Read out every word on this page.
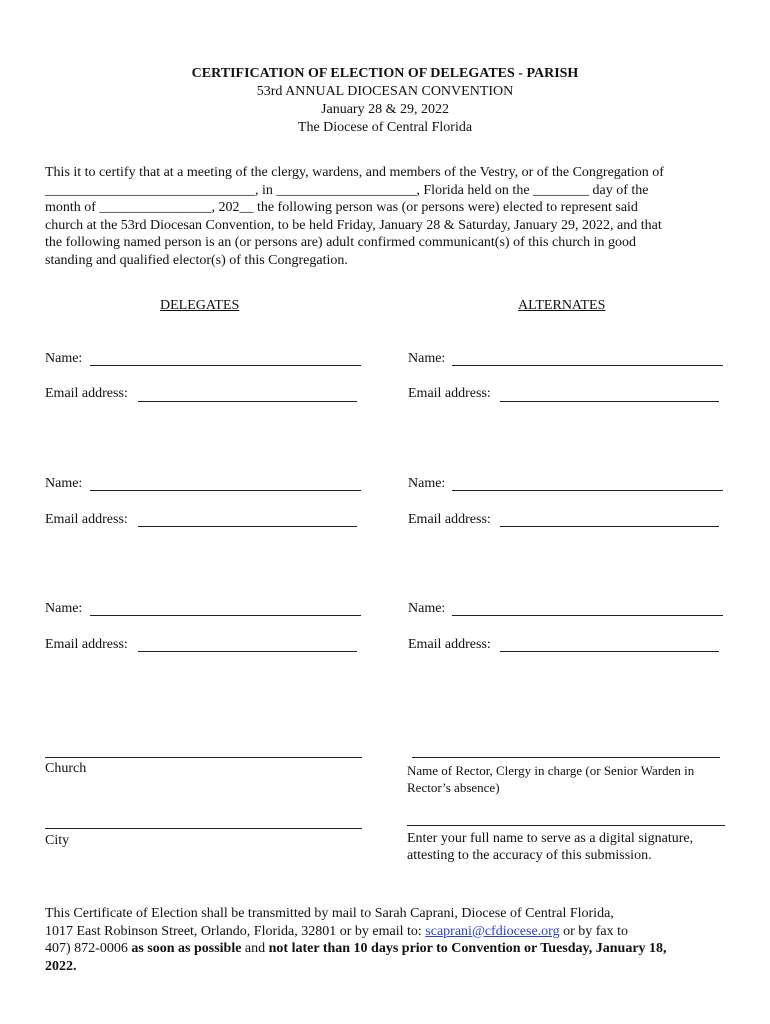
CERTIFICATION OF ELECTION OF DELEGATES - PARISH
53rd ANNUAL DIOCESAN CONVENTION
January 28 & 29, 2022
The Diocese of Central Florida
This it to certify that at a meeting of the clergy, wardens, and members of the Vestry, or of the Congregation of
______________________________, in ____________________, Florida held on the ________ day of the
month of ________________, 202__ the following person was (or persons were) elected to represent said
church at the 53rd Diocesan Convention, to be held Friday, January 28 & Saturday, January 29, 2022, and that
the following named person is an (or persons are) adult confirmed communicant(s) of this church in good
standing and qualified elector(s) of this Congregation.
DELEGATES	ALTERNATES
Name:	Name:
Email address:	Email address:
Name:	Name:
Email address:	Email address:
Name:	Name:
Email address:	Email address:
Church	Name of Rector, Clergy in charge (or Senior Warden in Rector’s absence)
City	Enter your full name to serve as a digital signature, attesting to the accuracy of this submission.
This Certificate of Election shall be transmitted by mail to Sarah Caprani, Diocese of Central Florida,
1017 East Robinson Street, Orlando, Florida, 32801 or by email to: scaprani@cfdiocese.org or by fax to
407) 872-0006 as soon as possible and not later than 10 days prior to Convention or Tuesday, January 18,
2022.
